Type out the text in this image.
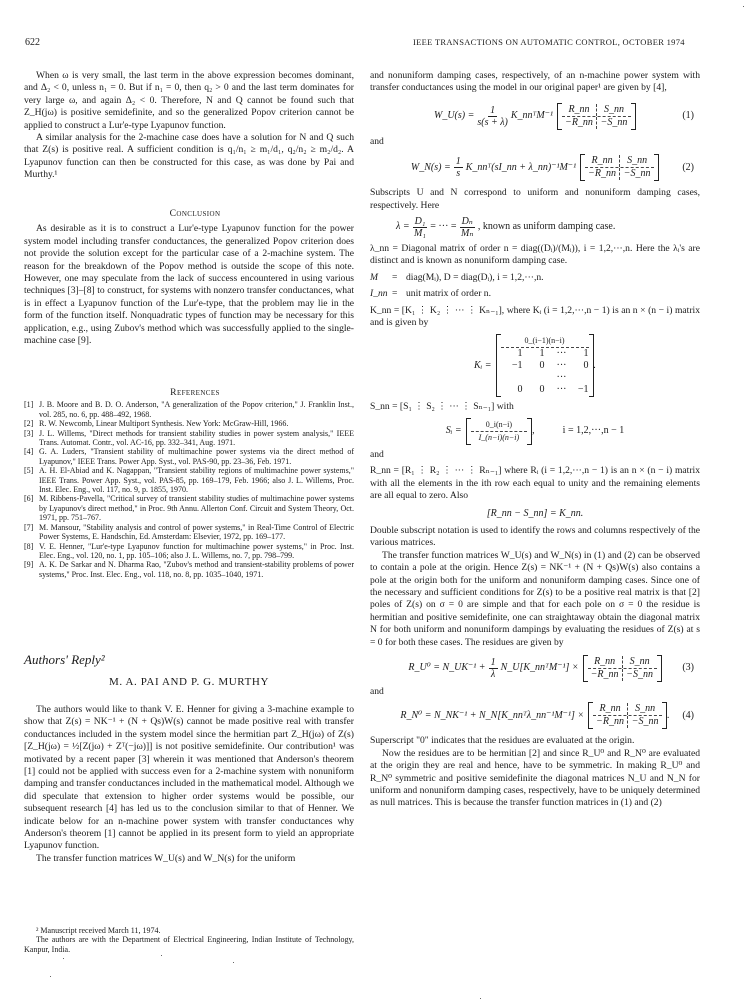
622	IEEE TRANSACTIONS ON AUTOMATIC CONTROL, OCTOBER 1974

When ω is very small, the last term in the above expression becomes dominant, and Δ₂ < 0, unless n₁ = 0. But if n₁ = 0, then q₂ > 0 and the last term dominates for very large ω, and again Δ₂ < 0. Therefore, N and Q cannot be found such that Z_H(jω) is positive semidefinite, and so the generalized Popov criterion cannot be applied to construct a Lur'e-type Lyapunov function.

A similar analysis for the 2-machine case does have a solution for N and Q such that Z(s) is positive real. A sufficient condition is q₁/n₁ ≥ m₁/d₁, q₂/n₂ ≥ m₂/d₂. A Lyapunov function can then be constructed for this case, as was done by Pai and Murthy.¹

Conclusion

As desirable as it is to construct a Lur'e-type Lyapunov function for the power system model including transfer conductances, the generalized Popov criterion does not provide the solution except for the particular case of a 2-machine system. The reason for the breakdown of the Popov method is outside the scope of this note. However, one may speculate from the lack of success encountered in using various techniques [3]–[8] to construct, for systems with nonzero transfer conductances, what is in effect a Lyapunov function of the Lur'e-type, that the problem may lie in the form of the function itself. Nonquadratic types of function may be necessary for this application, e.g., using Zubov's method which was successfully applied to the single-machine case [9].

References

[1] J. B. Moore and B. D. O. Anderson, "A generalization of the Popov criterion," J. Franklin Inst., vol. 285, no. 6, pp. 488–492, 1968.
[2] R. W. Newcomb, Linear Multiport Synthesis. New York: McGraw-Hill, 1966.
[3] J. L. Willems, "Direct methods for transient stability studies in power system analysis," IEEE Trans. Automat. Contr., vol. AC-16, pp. 332–341, Aug. 1971.
[4] G. A. Luders, "Transient stability of multimachine power systems via the direct method of Lyapunov," IEEE Trans. Power App. Syst., vol. PAS-90, pp. 23–36, Feb. 1971.
[5] A. H. El-Abiad and K. Nagappan, "Transient stability regions of multimachine power systems," IEEE Trans. Power App. Syst., vol. PAS-85, pp. 169–179, Feb. 1966; also J. L. Willems, Proc. Inst. Elec. Eng., vol. 117, no. 9, p. 1855, 1970.
[6] M. Ribbens-Pavella, "Critical survey of transient stability studies of multimachine power systems by Lyapunov's direct method," in Proc. 9th Annu. Allerton Conf. Circuit and System Theory, Oct. 1971, pp. 751–767.
[7] M. Mansour, "Stability analysis and control of power systems," in Real-Time Control of Electric Power Systems, E. Handschin, Ed. Amsterdam: Elsevier, 1972, pp. 169–177.
[8] V. E. Henner, "Lur'e-type Lyapunov function for multimachine power systems," in Proc. Inst. Elec. Eng., vol. 120, no. 1, pp. 105–106; also J. L. Willems, no. 7, pp. 798–799.
[9] A. K. De Sarkar and N. Dharma Rao, "Zubov's method and transient-stability problems of power systems," Proc. Inst. Elec. Eng., vol. 118, no. 8, pp. 1035–1040, 1971.
Authors' Reply²
M. A. PAI AND P. G. MURTHY

The authors would like to thank V. E. Henner for giving a 3-machine example to show that Z(s) = NK⁻¹ + (N + Qs)W(s) cannot be made positive real with transfer conductances included in the system model since the hermitian part Z_H(jω) of Z(s)[Z_H(jω) = ½[Z(jω) + Zᵀ(−jω)]] is not positive semidefinite. Our contribution¹ was motivated by a recent paper [3] wherein it was mentioned that Anderson's theorem [1] could not be applied with success even for a 2-machine system with nonuniform damping and transfer conductances included in the mathematical model. Although we did speculate that extension to higher order systems would be possible, our subsequent research [4] has led us to the conclusion similar to that of Henner. We indicate below for an n-machine power system with transfer conductances why Anderson's theorem [1] cannot be applied in its present form to yield an appropriate Lyapunov function.

The transfer function matrices W_U(s) and W_N(s) for the uniform

² Manuscript received March 11, 1974.

The authors are with the Department of Electrical Engineering, Indian Institute of Technology, Kanpur, India.

and nonuniform damping cases, respectively, of an n-machine power system with transfer conductances using the model in our original paper¹ are given by [4],

W_U(s) = $\frac{1}{s(s + \lambda)}$ K_nnᵀM⁻¹
R_nn	S_nn
−R_nn −S_nn
(1)

and

W_N(s) = $\frac{1}{s}$ K_nnᵀ(sI_nn + λ_nn)⁻¹M⁻¹
R_nn	S_nn
−R_nn −S_nn
(2)

Subscripts U and N correspond to uniform and nonuniform damping cases, respectively. Here

$\lambda = \frac{\text{D₁}}{\text{M₁}}$ = ··· = $\frac{\text{Dₙ}}{\text{Mₙ}}$ , known as uniform damping case.

λ_nn = Diagonal matrix of order n = diag((Dᵢ)/(Mᵢ)), i = 1,2,···,n. Here the λᵢ's are distinct and is known as nonuniform damping case.

M	= diag(Mᵢ), D = diag(Dᵢ), i = 1,2,···,n.
I_nn = unit matrix of order n.

K_nn = [K₁ ⋮ K₂ ⋮ ··· ⋮ Kₙ₋₁], where Kᵢ (i = 1,2,···,n − 1) is an n × (n − i) matrix and is given by

Kᵢ =
0_(i−1)(n−i)
1	1	···	1
−1	0	···	0
···
0	0	···	−1
.

S_nn = [S₁ ⋮ S₂ ⋮ ··· ⋮ Sₙ₋₁] with

Sᵢ = $\frac{0\_i(n-i)}{I\_(n-i)(n-i)}$ ,	i = 1,2,···,n − 1

and

R_nn = [R₁ ⋮ R₂ ⋮ ··· ⋮ Rₙ₋₁] where Rᵢ (i = 1,2,···,n − 1) is an n × (n − i) matrix with all the elements in the ith row each equal to unity and the remaining elements are all equal to zero. Also

[R_nn − S_nn] = K_nn.

Double subscript notation is used to identify the rows and columns respectively of the various matrices.

The transfer function matrices W_U(s) and W_N(s) in (1) and (2) can be observed to contain a pole at the origin. Hence Z(s) = NK⁻¹ + (N + Qs)W(s) also contains a pole at the origin both for the uniform and nonuniform damping cases. Since one of the necessary and sufficient conditions for Z(s) to be a positive real matrix is that [2] poles of Z(s) on σ = 0 are simple and that for each pole on σ = 0 the residue is hermitian and positive semidefinite, one can straightaway obtain the diagonal matrix N for both uniform and nonuniform dampings by evaluating the residues of Z(s) at s = 0 for both these cases. The residues are given by

R_U⁰ = N_UK⁻¹ + $\frac{1}{\lambda}$ N_U[K_nnᵀM⁻¹] ×
R_nn	S_nn
−R_nn −S_nn
(3)

and

R_N⁰ = N_NK⁻¹ + N_N[K_nnᵀλ_nn⁻¹M⁻¹] ×
R_nn	S_nn
−R_nn −S_nn
. (4)

Superscript "0" indicates that the residues are evaluated at the origin.

Now the residues are to be hermitian [2] and since R_U⁰ and R_N⁰ are evaluated at the origin they are real and hence, have to be symmetric. In making R_U⁰ and R_N⁰ symmetric and positive semidefinite the diagonal matrices N_U and N_N for uniform and nonuniform damping cases, respectively, have to be uniquely determined as null matrices. This is because the transfer function matrices in (1) and (2)
